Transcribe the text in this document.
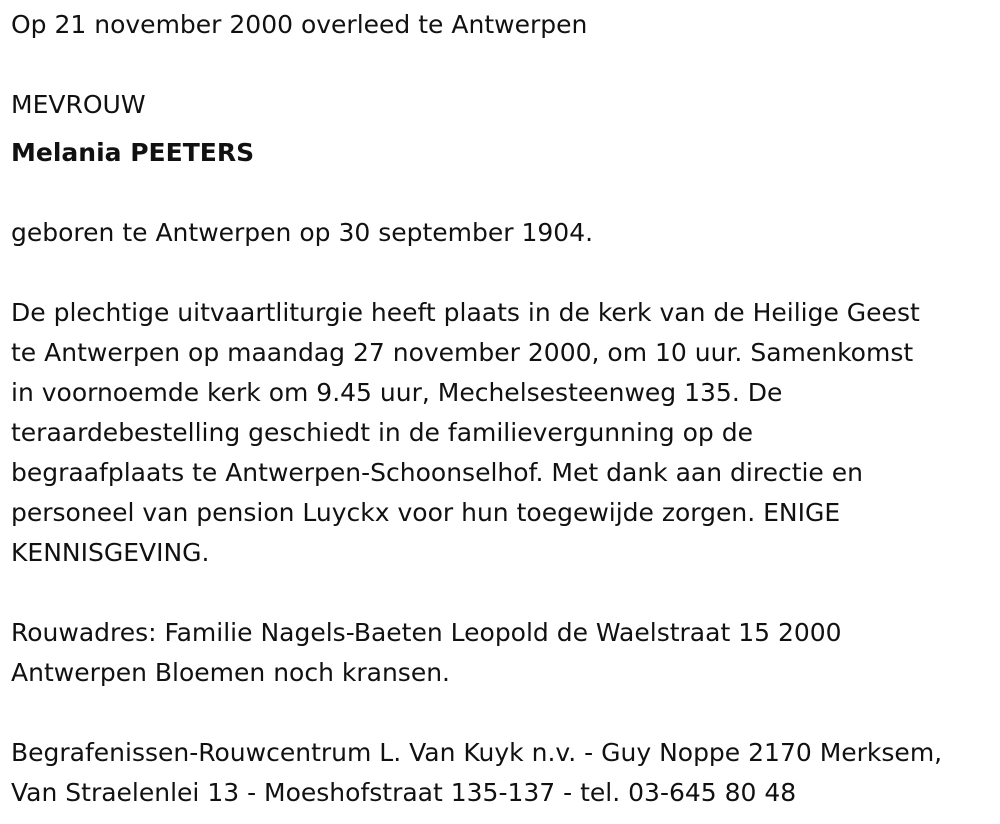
Op 21 november 2000 overleed te Antwerpen

MEVROUW

Melania PEETERS

geboren te Antwerpen op 30 september 1904.

De plechtige uitvaartliturgie heeft plaats in de kerk van de Heilige Geest

te Antwerpen op maandag 27 november 2000, om 10 uur. Samenkomst

in voornoemde kerk om 9.45 uur, Mechelsesteenweg 135. De

teraardebestelling geschiedt in de familievergunning op de

begraafplaats te Antwerpen-Schoonselhof. Met dank aan directie en

personeel van pension Luyckx voor hun toegewijde zorgen. ENIGE

KENNISGEVING.

Rouwadres: Familie Nagels-Baeten Leopold de Waelstraat 15 2000

Antwerpen Bloemen noch kransen.

Begrafenissen-Rouwcentrum L. Van Kuyk n.v. - Guy Noppe 2170 Merksem,

Van Straelenlei 13 - Moeshofstraat 135-137 - tel. 03-645 80 48
